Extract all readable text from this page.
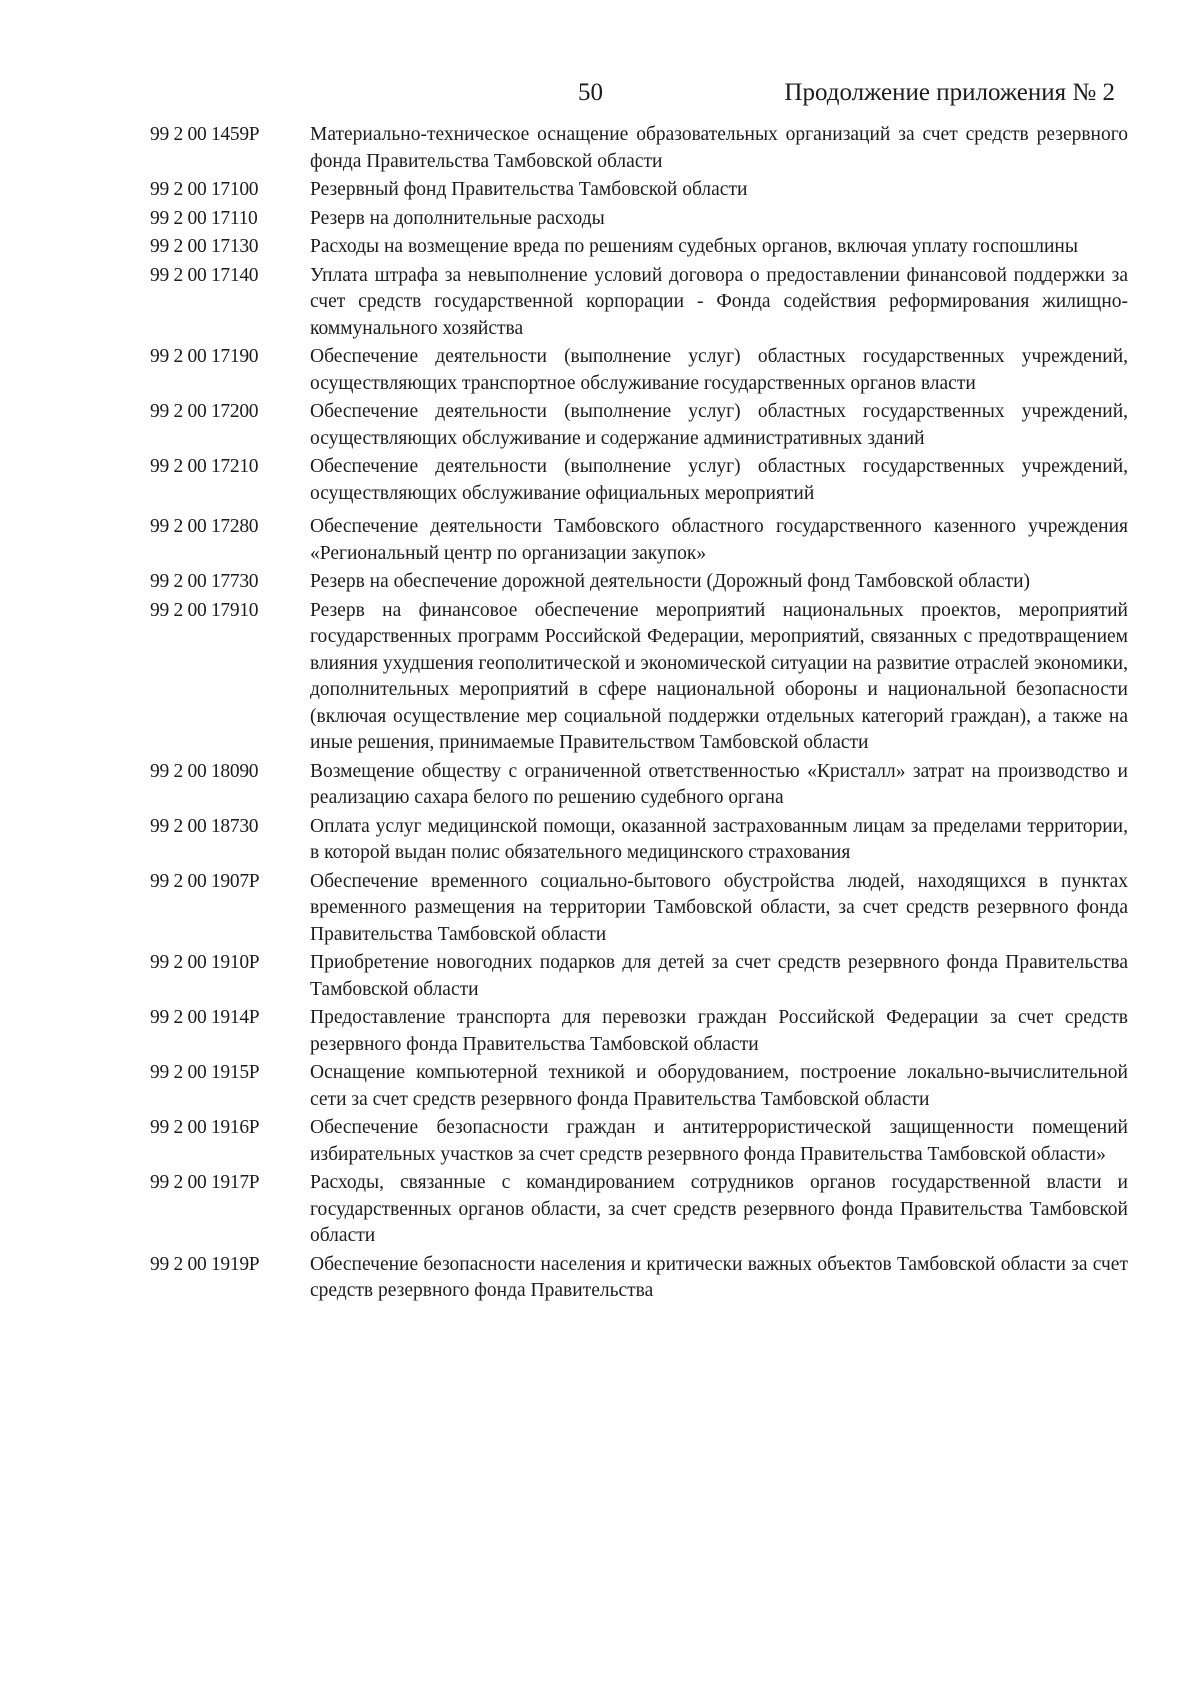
50	Продолжение приложения № 2
99 2 00 1459Р	Материально-техническое оснащение образовательных организаций за счет средств резервного фонда Правительства Тамбовской области
99 2 00 17100	Резервный фонд Правительства Тамбовской области
99 2 00 17110	Резерв на дополнительные расходы
99 2 00 17130	Расходы на возмещение вреда по решениям судебных органов, включая уплату госпошлины
99 2 00 17140	Уплата штрафа за невыполнение условий договора о предоставлении финансовой поддержки за счет средств государственной корпорации - Фонда содействия реформирования жилищно-коммунального хозяйства
99 2 00 17190	Обеспечение деятельности (выполнение услуг) областных государственных учреждений, осуществляющих транспортное обслуживание государственных органов власти
99 2 00 17200	Обеспечение деятельности (выполнение услуг) областных государственных учреждений, осуществляющих обслуживание и содержание административных зданий
99 2 00 17210	Обеспечение деятельности (выполнение услуг) областных государственных учреждений, осуществляющих обслуживание официальных мероприятий
99 2 00 17280	Обеспечение деятельности Тамбовского областного государственного казенного учреждения «Региональный центр по организации закупок»
99 2 00 17730	Резерв на обеспечение дорожной деятельности (Дорожный фонд Тамбовской области)
99 2 00 17910	Резерв на финансовое обеспечение мероприятий национальных проектов, мероприятий государственных программ Российской Федерации, мероприятий, связанных с предотвращением влияния ухудшения геополитической и экономической ситуации на развитие отраслей экономики, дополнительных мероприятий в сфере национальной обороны и национальной безопасности (включая осуществление мер социальной поддержки отдельных категорий граждан), а также на иные решения, принимаемые Правительством Тамбовской области
99 2 00 18090	Возмещение обществу с ограниченной ответственностью «Кристалл» затрат на производство и реализацию сахара белого по решению судебного органа
99 2 00 18730	Оплата услуг медицинской помощи, оказанной застрахованным лицам за пределами территории, в которой выдан полис обязательного медицинского страхования
99 2 00 1907Р	Обеспечение временного социально-бытового обустройства людей, находящихся в пунктах временного размещения на территории Тамбовской области, за счет средств резервного фонда Правительства Тамбовской области
99 2 00 1910Р	Приобретение новогодних подарков для детей за счет средств резервного фонда Правительства Тамбовской области
99 2 00 1914Р	Предоставление транспорта для перевозки граждан Российской Федерации за счет средств резервного фонда Правительства Тамбовской области
99 2 00 1915Р	Оснащение компьютерной техникой и оборудованием, построение локально-вычислительной сети за счет средств резервного фонда Правительства Тамбовской области
99 2 00 1916Р	Обеспечение безопасности граждан и антитеррористической защищенности помещений избирательных участков за счет средств резервного фонда Правительства Тамбовской области»
99 2 00 1917Р	Расходы, связанные с командированием сотрудников органов государственной власти и государственных органов области, за счет средств резервного фонда Правительства Тамбовской области
99 2 00 1919Р	Обеспечение безопасности населения и критически важных объектов Тамбовской области за счет средств резервного фонда Правительства
